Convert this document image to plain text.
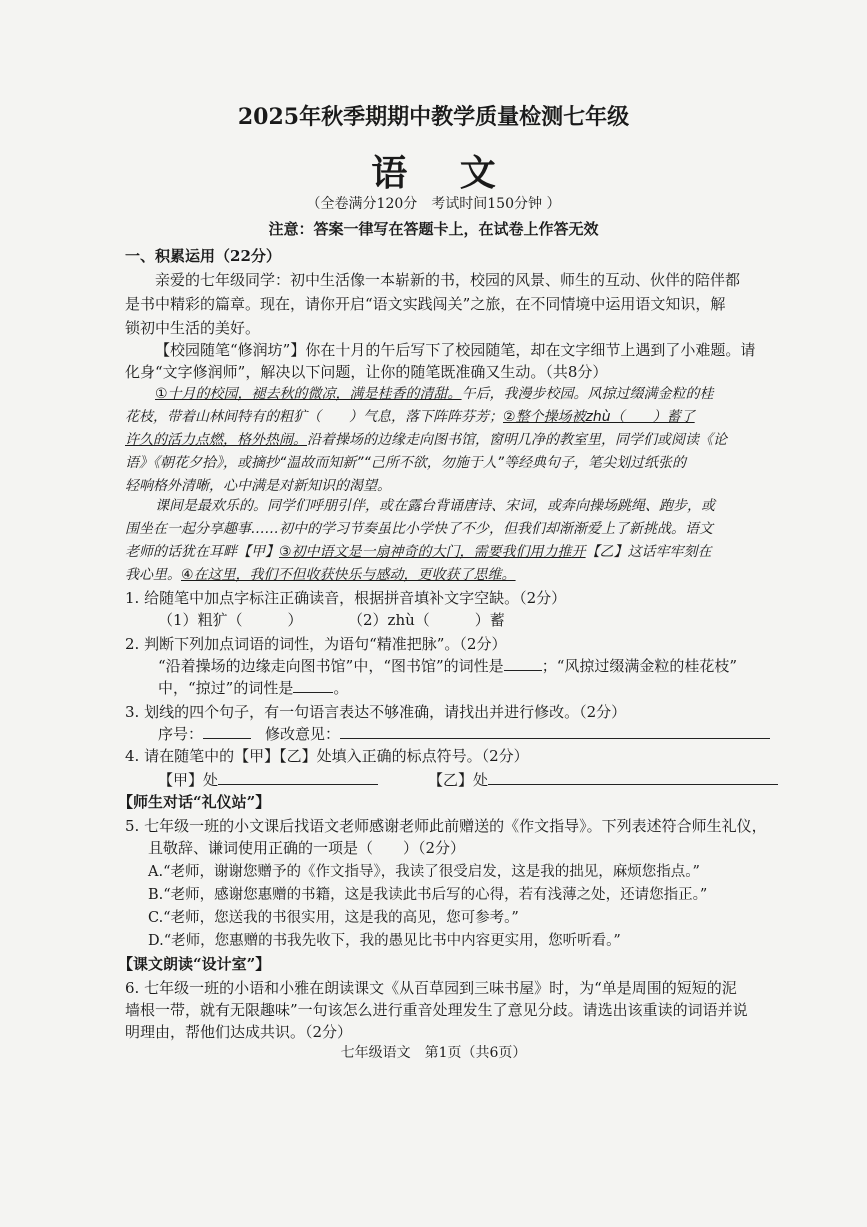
2025年秋季期期中教学质量检测七年级
语 文
（全卷满分120分　考试时间150分钟 ）
注意：答案一律写在答题卡上，在试卷上作答无效
一、积累运用（22分）
亲爱的七年级同学：初中生活像一本崭新的书，校园的风景、师生的互动、伙伴的陪伴都
是书中精彩的篇章。现在，请你开启“语文实践闯关”之旅，在不同情境中运用语文知识，解
锁初中生活的美好。
【校园随笔“修润坊”】你在十月的午后写下了校园随笔，却在文字细节上遇到了小难题。请
化身“文字修润师”，解决以下问题，让你的随笔既准确又生动。（共8分）
①十月的校园，褪去秋的微凉，满是桂香的清甜。午后，我漫步校园。风掠过缀满金粒的桂
花枝，带着山林间特有的粗犷（　　）气息，落下阵阵芬芳；②整个操场被zhù（　　）蓄了
许久的活力点燃，格外热闹。沿着操场的边缘走向图书馆，窗明几净的教室里，同学们或阅读《论
语》《朝花夕拾》，或摘抄“温故而知新”“己所不欲，勿施于人”等经典句子，笔尖划过纸张的
轻响格外清晰，心中满是对新知识的渴望。
课间是最欢乐的。同学们呼朋引伴，或在露台背诵唐诗、宋词，或奔向操场跳绳、跑步，或
围坐在一起分享趣事……初中的学习节奏虽比小学快了不少，但我们却渐渐爱上了新挑战。语文
老师的话犹在耳畔【甲】③初中语文是一扇神奇的大门，需要我们用力推开【乙】这话牢牢刻在
我心里。④在这里，我们不但收获快乐与感动，更收获了思维。
1. 给随笔中加点字标注正确读音，根据拼音填补文字空缺。（2分）
（1）粗犷（　　　）	（2）zhù（　　　）蓄
2. 判断下列加点词语的词性，为语句“精准把脉”。（2分）
“沿着操场的边缘走向图书馆”中，“图书馆”的词性是	；“风掠过缀满金粒的桂花枝”
中，“掠过”的词性是	。
3. 划线的四个句子，有一句语言表达不够准确，请找出并进行修改。（2分）
序号：	修改意见：
4. 请在随笔中的【甲】【乙】处填入正确的标点符号。（2分）
【甲】处	【乙】处
【师生对话“礼仪站”】
5. 七年级一班的小文课后找语文老师感谢老师此前赠送的《作文指导》。下列表述符合师生礼仪，
且敬辞、谦词使用正确的一项是（　　）（2分）
A.“老师，谢谢您赠予的《作文指导》，我读了很受启发，这是我的拙见，麻烦您指点。”
B.“老师，感谢您惠赠的书籍，这是我读此书后写的心得，若有浅薄之处，还请您指正。”
C.“老师，您送我的书很实用，这是我的高见，您可参考。”
D.“老师，您惠赠的书我先收下，我的愚见比书中内容更实用，您听听看。”
【课文朗读“设计室”】
6. 七年级一班的小语和小雅在朗读课文《从百草园到三味书屋》时，为“单是周围的短短的泥
墙根一带，就有无限趣味”一句该怎么进行重音处理发生了意见分歧。请选出该重读的词语并说
明理由，帮他们达成共识。（2分）
七年级语文　第1页（共6页）
